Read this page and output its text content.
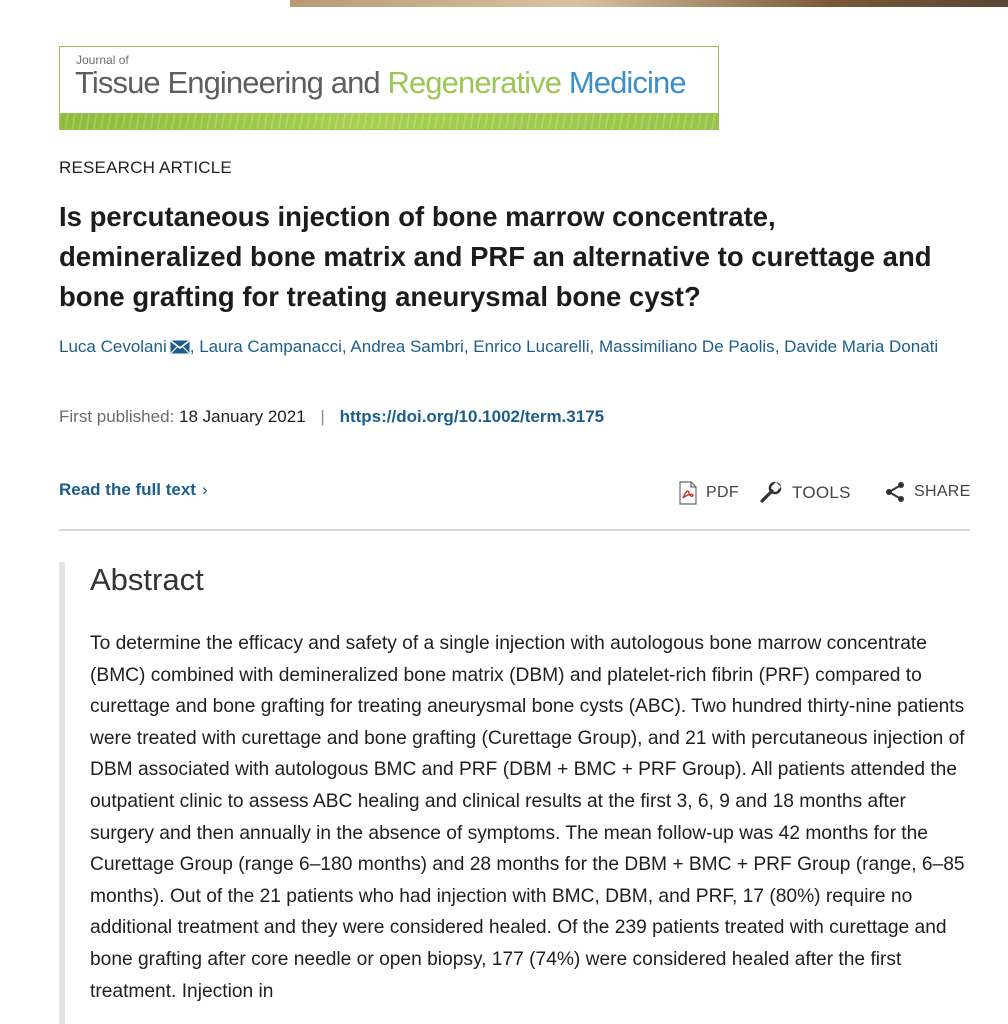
Journal of
Tissue Engineering and Regenerative Medicine
RESEARCH ARTICLE
Is percutaneous injection of bone marrow concentrate, demineralized bone matrix and PRF an alternative to curettage and bone grafting for treating aneurysmal bone cyst?
Luca Cevolani , Laura Campanacci, Andrea Sambri, Enrico Lucarelli, Massimiliano De Paolis, Davide Maria Donati
First published: 18 January 2021 | https://doi.org/10.1002/term.3175
Read the full text ›	PDF	TOOLS	SHARE
Abstract

To determine the efficacy and safety of a single injection with autologous bone marrow concentrate (BMC) combined with demineralized bone matrix (DBM) and platelet-rich fibrin (PRF) compared to curettage and bone grafting for treating aneurysmal bone cysts (ABC). Two hundred thirty-nine patients were treated with curettage and bone grafting (Curettage Group), and 21 with percutaneous injection of DBM associated with autologous BMC and PRF (DBM + BMC + PRF Group). All patients attended the outpatient clinic to assess ABC healing and clinical results at the first 3, 6, 9 and 18 months after surgery and then annually in the absence of symptoms. The mean follow-up was 42 months for the Curettage Group (range 6–180 months) and 28 months for the DBM + BMC + PRF Group (range, 6–85 months). Out of the 21 patients who had injection with BMC, DBM, and PRF, 17 (80%) require no additional treatment and they were considered healed. Of the 239 patients treated with curettage and bone grafting after core needle or open biopsy, 177 (74%) were considered healed after the first treatment. Injection in
